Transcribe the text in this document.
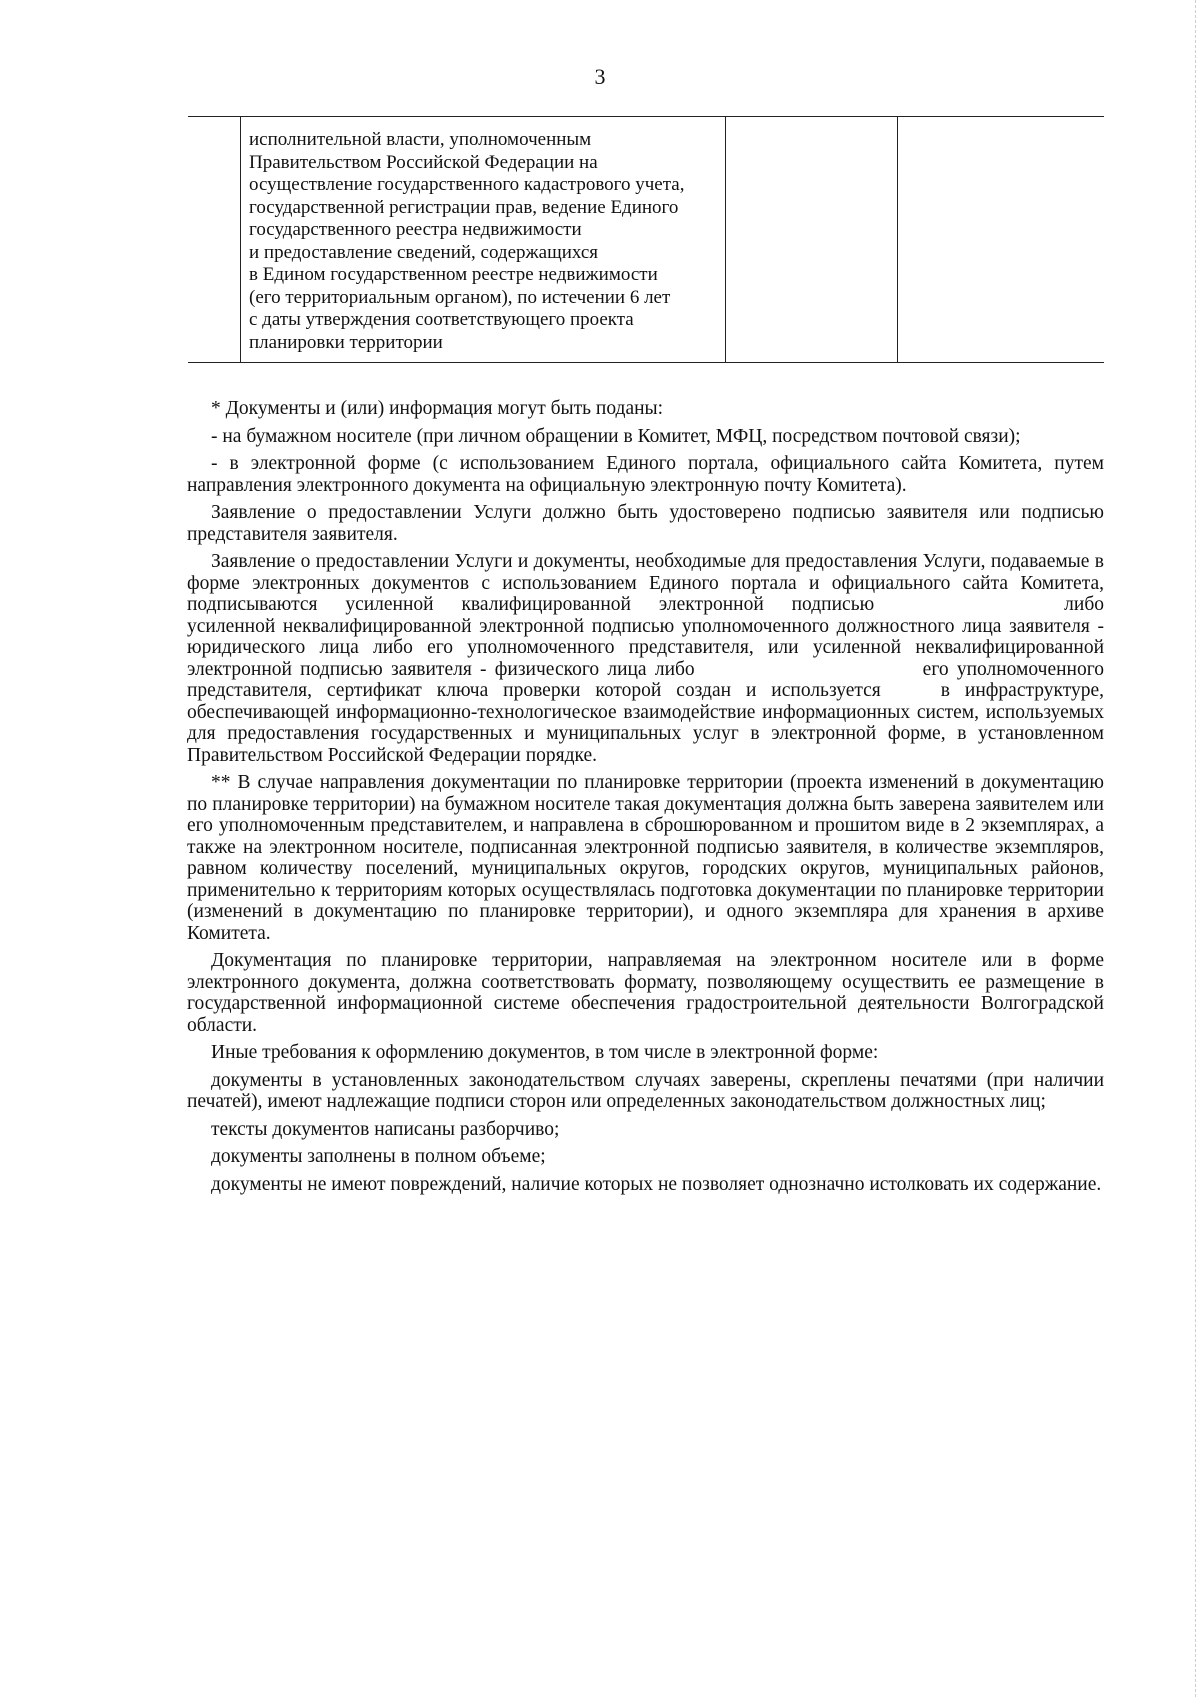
3

исполнительной власти, уполномоченным
Правительством Российской Федерации на
осуществление государственного кадастрового учета,
государственной регистрации прав, ведение Единого
государственного реестра недвижимости
и предоставление сведений, содержащихся
в Едином государственном реестре недвижимости
(его территориальным органом), по истечении 6 лет
с даты утверждения соответствующего проекта
планировки территории

* Документы и (или) информация могут быть поданы:

- на бумажном носителе (при личном обращении в Комитет, МФЦ, посредством почтовой связи);

- в электронной форме (с использованием Единого портала, официального сайта Комитета, путем направления электронного документа на официальную электронную почту Комитета).

Заявление о предоставлении Услуги должно быть удостоверено подписью заявителя или подписью представителя заявителя.

Заявление о предоставлении Услуги и документы, необходимые для предоставления Услуги, подаваемые в форме электронных документов с использованием Единого портала и официального сайта Комитета, подписываются усиленной квалифицированной электронной подписью	либо усиленной неквалифицированной электронной подписью уполномоченного должностного лица заявителя - юридического лица либо его уполномоченного представителя, или усиленной неквалифицированной электронной подписью заявителя - физического лица либо	его уполномоченного представителя, сертификат ключа проверки которой создан и используется	в инфраструктуре, обеспечивающей информационно-технологическое взаимодействие информационных систем, используемых для предоставления государственных и муниципальных услуг в электронной форме, в установленном Правительством Российской Федерации порядке.

** В случае направления документации по планировке территории (проекта изменений в документацию по планировке территории) на бумажном носителе такая документация должна быть заверена заявителем или его уполномоченным представителем, и направлена в сброшюрованном и прошитом виде в 2 экземплярах, а также на электронном носителе, подписанная электронной подписью заявителя, в количестве экземпляров, равном количеству поселений, муниципальных округов, городских округов, муниципальных районов, применительно к территориям которых осуществлялась подготовка документации по планировке территории (изменений в документацию по планировке территории), и одного экземпляра для хранения в архиве Комитета.

Документация по планировке территории, направляемая на электронном носителе или в форме электронного документа, должна соответствовать формату, позволяющему осуществить ее размещение в государственной информационной системе обеспечения градостроительной деятельности Волгоградской области.

Иные требования к оформлению документов, в том числе в электронной форме:

документы в установленных законодательством случаях заверены, скреплены печатями (при наличии печатей), имеют надлежащие подписи сторон или определенных законодательством должностных лиц;

тексты документов написаны разборчиво;

документы заполнены в полном объеме;

документы не имеют повреждений, наличие которых не позволяет однозначно истолковать их содержание.
